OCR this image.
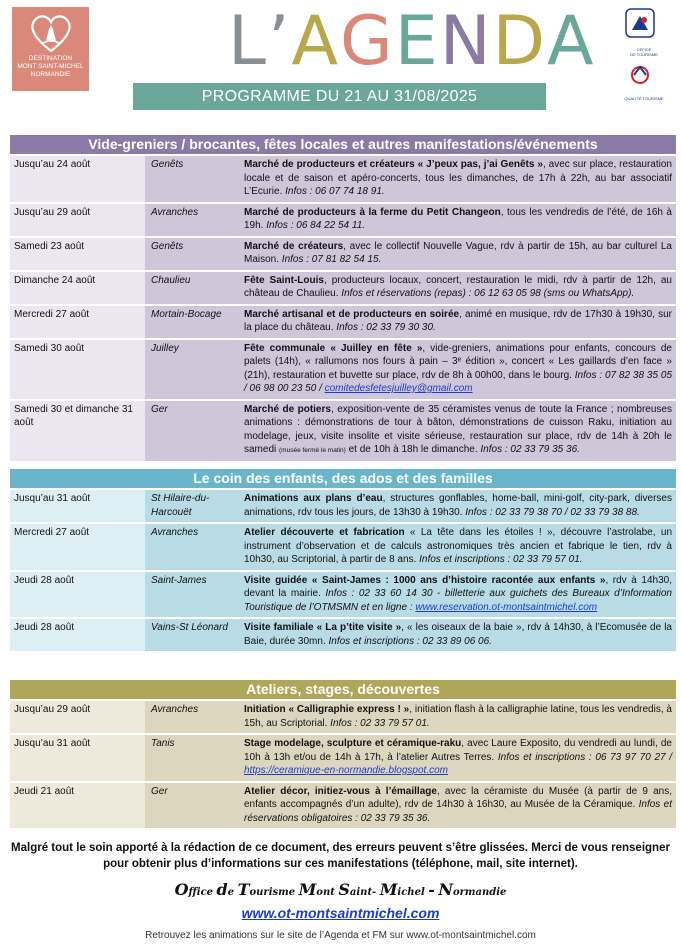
DESTINATION
MONT SAINT-MICHEL
NORMANDIE L’AGENDA
PROGRAMME DU 21 AU 31/08/2025
OFFICE
DE TOURISME
QUALITÉ TOURISME
Vide-greniers / brocantes, fêtes locales et autres manifestations/événements
Jusqu’au 24 août	Genêts	Marché de producteurs et créateurs « J’peux pas, j’ai Genêts », avec sur place, restauration locale et de saison et apéro-concerts, tous les dimanches, de 17h à 22h, au bar associatif L’Ecurie. Infos : 06 07 74 18 91.
Jusqu’au 29 août	Avranches	Marché de producteurs à la ferme du Petit Changeon, tous les vendredis de l’été, de 16h à 19h. Infos : 06 84 22 54 11.
Samedi 23 août	Genêts	Marché de créateurs, avec le collectif Nouvelle Vague, rdv à partir de 15h, au bar culturel La Maison. Infos : 07 81 82 54 15.
Dimanche 24 août	Chaulieu	Fête Saint-Louis, producteurs locaux, concert, restauration le midi, rdv à partir de 12h, au château de Chaulieu. Infos et réservations (repas) : 06 12 63 05 98 (sms ou WhatsApp).
Mercredi 27 août	Mortain-Bocage	Marché artisanal et de producteurs en soirée, animé en musique, rdv de 17h30 à 19h30, sur la place du château. Infos : 02 33 79 30 30.
Samedi 30 août	Juilley	Fête communale « Juilley en fête », vide-greniers, animations pour enfants, concours de palets (14h), « rallumons nos fours à pain – 3ᵉ édition », concert « Les gaillards d’en face » (21h), restauration et buvette sur place, rdv de 8h à 00h00, dans le bourg. Infos : 07 82 38 35 05 / 06 98 00 23 50 / comitedesfetesjuilley@gmail.com
Samedi 30 et dimanche 31 août	Ger	Marché de potiers, exposition-vente de 35 céramistes venus de toute la France ; nombreuses animations : démonstrations de tour à bâton, démonstrations de cuisson Raku, initiation au modelage, jeux, visite insolite et visite sérieuse, restauration sur place, rdv de 14h à 20h le samedi (musée fermé le matin) et de 10h à 18h le dimanche. Infos : 02 33 79 35 36.
Le coin des enfants, des ados et des familles
Jusqu’au 31 août	St Hilaire-du-Harcouët	Animations aux plans d’eau, structures gonflables, home-ball, mini-golf, city-park, diverses animations, rdv tous les jours, de 13h30 à 19h30. Infos : 02 33 79 38 70 / 02 33 79 38 88.
Mercredi 27 août	Avranches	Atelier découverte et fabrication « La tête dans les étoiles ! », découvre l’astrolabe, un instrument d’observation et de calculs astronomiques très ancien et fabrique le tien, rdv à 10h30, au Scriptorial, à partir de 8 ans. Infos et inscriptions : 02 33 79 57 01.
Jeudi 28 août	Saint-James	Visite guidée « Saint-James : 1000 ans d’histoire racontée aux enfants », rdv à 14h30, devant la mairie. Infos : 02 33 60 14 30 - billetterie aux guichets des Bureaux d’Information Touristique de l’OTMSMN et en ligne : www.reservation.ot-montsaintmichel.com
Jeudi 28 août	Vains-St Léonard	Visite familiale « La p’tite visite », « les oiseaux de la baie », rdv à 14h30, à l’Ecomusée de la Baie, durée 30mn. Infos et inscriptions : 02 33 89 06 06.
Ateliers, stages, découvertes
Jusqu’au 29 août	Avranches	Initiation « Calligraphie express ! », initiation flash à la calligraphie latine, tous les vendredis, à 15h, au Scriptorial. Infos : 02 33 79 57 01.
Jusqu’au 31 août	Tanis	Stage modelage, sculpture et céramique-raku, avec Laure Exposito, du vendredi au lundi, de 10h à 13h et/ou de 14h à 17h, à l’atelier Autres Terres. Infos et inscriptions : 06 73 97 70 27 / https://ceramique-en-normandie.blogspot.com
Jeudi 21 août	Ger	Atelier décor, initiez-vous à l’émaillage, avec la céramiste du Musée (à partir de 9 ans, enfants accompagnés d’un adulte), rdv de 14h30 à 16h30, au Musée de la Céramique. Infos et réservations obligatoires : 02 33 79 35 36.
Malgré tout le soin apporté à la rédaction de ce document, des erreurs peuvent s’être glissées. Merci de vous renseigner pour obtenir plus d’informations sur ces manifestations (téléphone, mail, site internet).
Office de Tourisme Mont Saint- Michel - Normandie
www.ot-montsaintmichel.com
Retrouvez les animations sur le site de l’Agenda et FM sur www.ot-montsaintmichel.com
